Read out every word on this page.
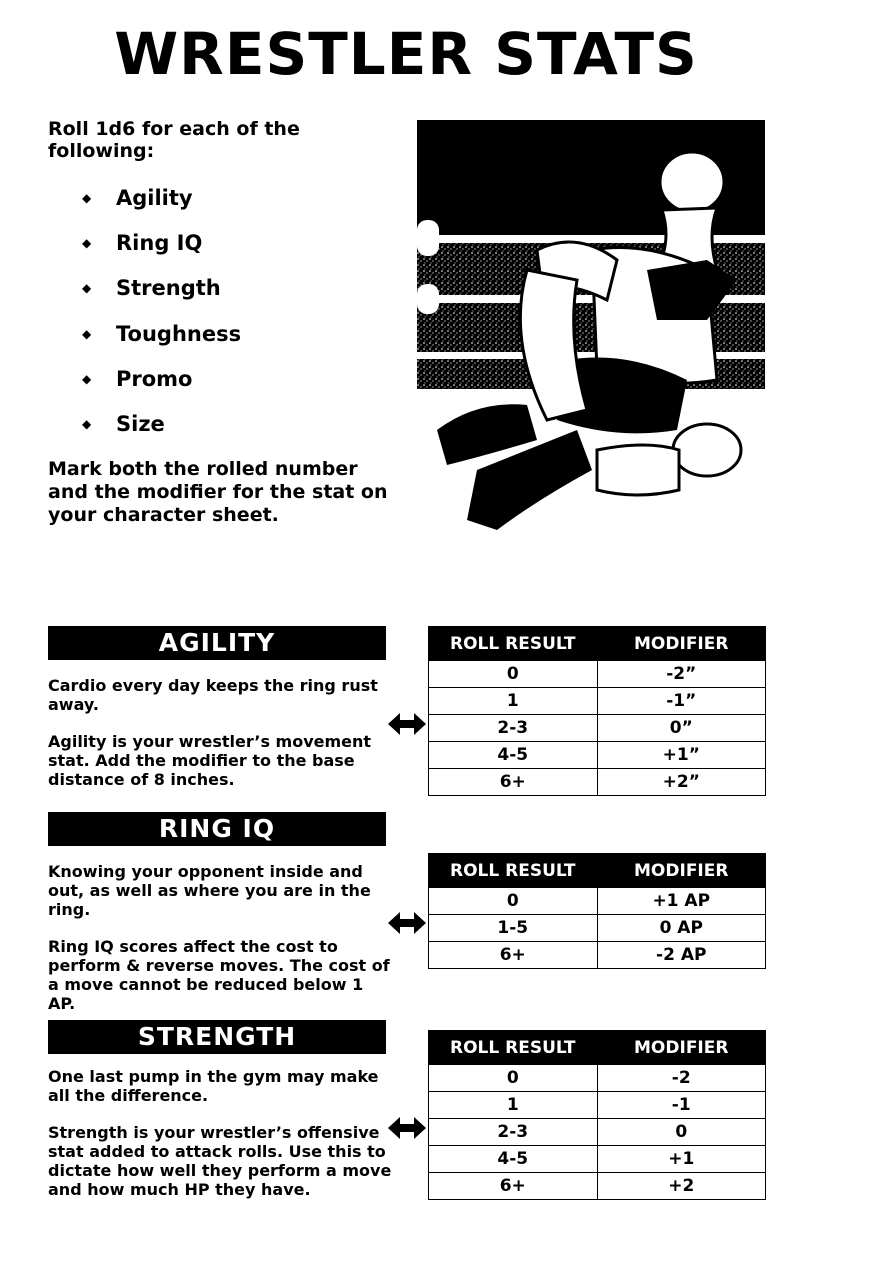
WRESTLER STATS
Roll 1d6 for each of the following:
◆ Agility
◆ Ring IQ
◆ Strength
◆ Toughness
◆ Promo
◆ Size
Mark both the rolled number and the modifier for the stat on your character sheet.
AGILITY

Cardio every day keeps the ring rust away.

Agility is your wrestler’s movement stat. Add the modifier to the base distance of 8 inches.

ROLL RESULT	MODIFIER
0	-2”
1	-1”
2-3	0”
4-5	+1”
6+	+2”
RING IQ

Knowing your opponent inside and out, as well as where you are in the ring.

Ring IQ scores affect the cost to perform & reverse moves. The cost of a move cannot be reduced below 1 AP.

ROLL RESULT	MODIFIER
0	+1 AP
1-5	0 AP
6+	-2 AP
STRENGTH

One last pump in the gym may make all the difference.

Strength is your wrestler’s offensive stat added to attack rolls. Use this to dictate how well they perform a move and how much HP they have.

ROLL RESULT	MODIFIER
0	-2
1	-1
2-3	0
4-5	+1
6+	+2
